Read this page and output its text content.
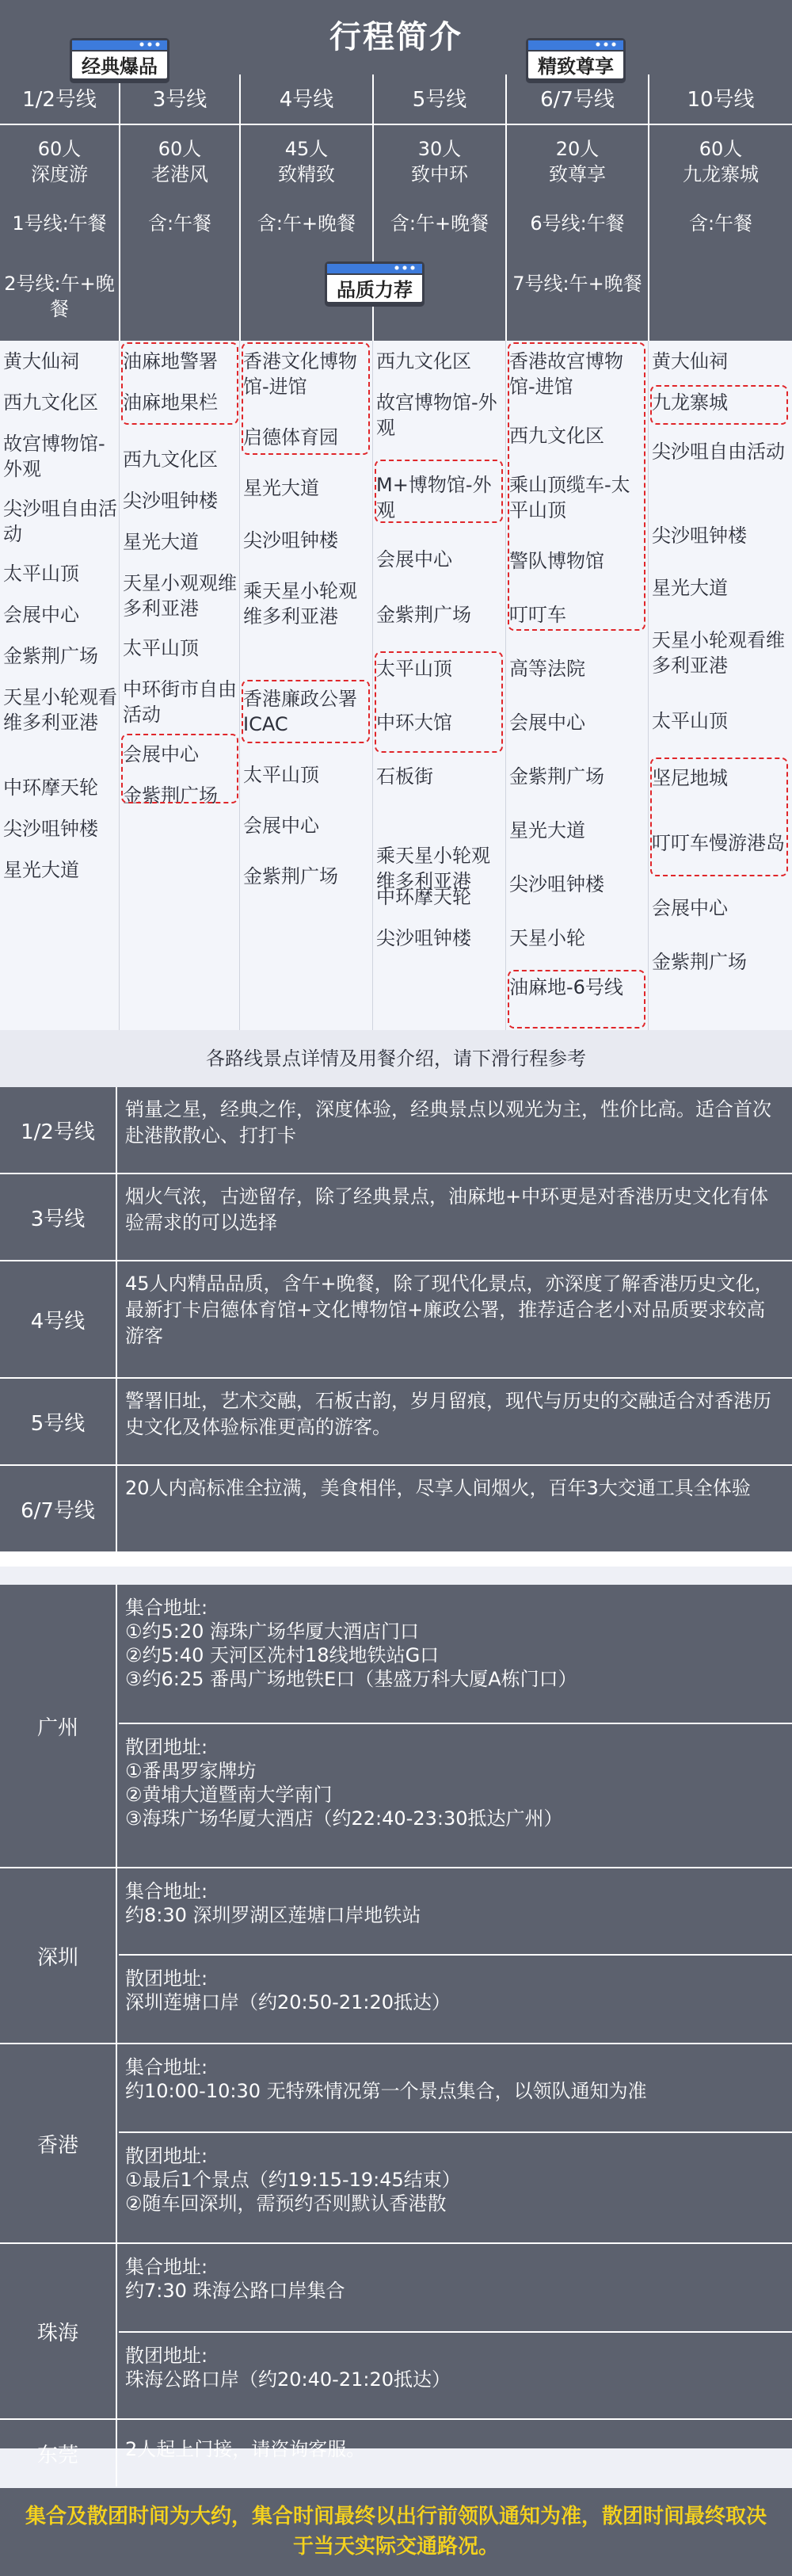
行程简介
1/2号线
60人
深度游
1号线:午餐
2号线:午+晚餐
3号线
60人
老港风
含:午餐
4号线
45人
致精致
含:午+晚餐
5号线
30人
致中环
含:午+晚餐
6/7号线
20人
致尊享
6号线:午餐
7号线:午+晚餐
10号线
60人
九龙寨城
含:午餐
经典爆品	精致尊享
品质力荐
黄大仙祠
西九文化区
故宫博物馆-外观
尖沙咀自由活动
太平山顶
会展中心
金紫荆广场
天星小轮观看 维多利亚港
中环摩天轮
尖沙咀钟楼
星光大道
油麻地警署
油麻地果栏
西九文化区
尖沙咀钟楼
星光大道
天星小观观维多利亚港
太平山顶
中环街市自由活动
会展中心
金紫荆广场
香港文化博物馆-进馆
启德体育园
星光大道
尖沙咀钟楼
乘天星小轮观维多利亚港
香港廉政公署ICAC
太平山顶
会展中心
金紫荆广场
西九文化区
故宫博物馆-外观
M+博物馆-外观
会展中心
金紫荆广场
太平山顶
中环大馆
石板街
乘天星小轮观 维多利亚港
中环摩天轮
尖沙咀钟楼
香港故宫博物馆-进馆
西九文化区
乘山顶缆车-太平山顶
警队博物馆
叮叮车
高等法院
会展中心
金紫荆广场
星光大道
尖沙咀钟楼
天星小轮
油麻地-6号线
黄大仙祠
九龙寨城
尖沙咀自由活动
尖沙咀钟楼
星光大道
天星小轮观看维多利亚港
太平山顶
坚尼地城
叮叮车慢游港岛
会展中心
金紫荆广场
各路线景点详情及用餐介绍，请下滑行程参考
1/2号线
销量之星，经典之作，深度体验，经典景点以观光为主，性价比高。适合首次赴港散散心、打打卡
3号线
烟火气浓，古迹留存，除了经典景点，油麻地+中环更是对香港历史文化有体验需求的可以选择
4号线
45人内精品品质，含午+晚餐，除了现代化景点，亦深度了解香港历史文化，最新打卡启德体育馆+文化博物馆+廉政公署，推荐适合老小对品质要求较高游客
5号线
警署旧址，艺术交融，石板古韵，岁月留痕，现代与历史的交融适合对香港历史文化及体验标准更高的游客。
6/7号线
20人内高标准全拉满，美食相伴，尽享人间烟火，百年3大交通工具全体验
广州
集合地址:
①约5:20 海珠广场华厦大酒店门口
②约5:40 天河区冼村18线地铁站G口
③约6:25 番禺广场地铁E口（基盛万科大厦A栋门口）
散团地址:
①番禺罗家牌坊
②黄埔大道暨南大学南门
③海珠广场华厦大酒店（约22:40-23:30抵达广州）
深圳
集合地址:
约8:30 深圳罗湖区莲塘口岸地铁站
散团地址:
深圳莲塘口岸（约20:50-21:20抵达）
香港
集合地址:
约10:00-10:30 无特殊情况第一个景点集合，以领队通知为准
散团地址:
①最后1个景点（约19:15-19:45结束）
②随车回深圳，需预约否则默认香港散
珠海
集合地址:
约7:30 珠海公路口岸集合
散团地址:
珠海公路口岸（约20:40-21:20抵达）
东莞	2人起上门接，请咨询客服。
集合及散团时间为大约，集合时间最终以出行前领队通知为准，散团时间最终取决于当天实际交通路况。
